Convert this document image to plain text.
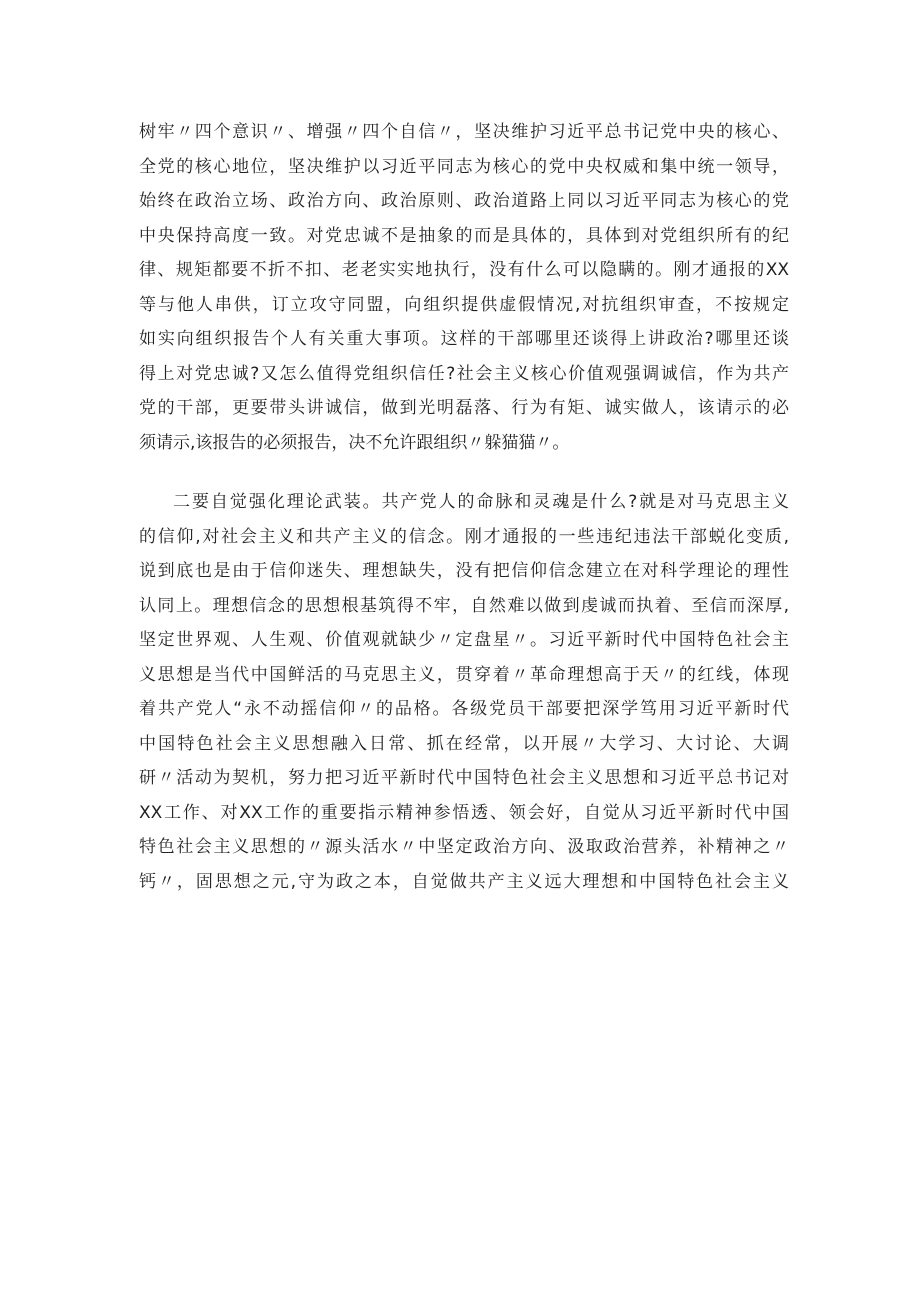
树牢〃四个意识〃、增强〃四个自信〃，坚决维护习近平总书记党中央的核心、

全党的核心地位，坚决维护以习近平同志为核心的党中央权威和集中统一领导，

始终在政治立场、政治方向、政治原则、政治道路上同以习近平同志为核心的党

中央保持高度一致。对党忠诚不是抽象的而是具体的，具体到对党组织所有的纪

律、规矩都要不折不扣、老老实实地执行，没有什么可以隐瞒的。刚才通报的XX

等与他人串供，订立攻守同盟，向组织提供虚假情况,对抗组织审查，不按规定

如实向组织报告个人有关重大事项。这样的干部哪里还谈得上讲政治?哪里还谈

得上对党忠诚?又怎么值得党组织信任?社会主义核心价值观强调诚信，作为共产

党的干部，更要带头讲诚信，做到光明磊落、行为有矩、诚实做人，该请示的必

须请示,该报告的必须报告，决不允许跟组织〃躲猫猫〃。

二要自觉强化理论武装。共产党人的命脉和灵魂是什么?就是对马克思主义

的信仰,对社会主义和共产主义的信念。刚才通报的一些违纪违法干部蜕化变质,

说到底也是由于信仰迷失、理想缺失，没有把信仰信念建立在对科学理论的理性

认同上。理想信念的思想根基筑得不牢，自然难以做到虔诚而执着、至信而深厚,

坚定世界观、人生观、价值观就缺少〃定盘星〃。习近平新时代中国特色社会主

义思想是当代中国鲜活的马克思主义，贯穿着〃革命理想高于天〃的红线，体现

着共产党人“永不动摇信仰〃的品格。各级党员干部要把深学笃用习近平新时代

中国特色社会主义思想融入日常、抓在经常，以开展〃大学习、大讨论、大调

研〃活动为契机，努力把习近平新时代中国特色社会主义思想和习近平总书记对

XX工作、对XX工作的重要指示精神参悟透、领会好，自觉从习近平新时代中国

特色社会主义思想的〃源头活水〃中坚定政治方向、汲取政治营养，补精神之〃

钙〃，固思想之元,守为政之本，自觉做共产主义远大理想和中国特色社会主义
